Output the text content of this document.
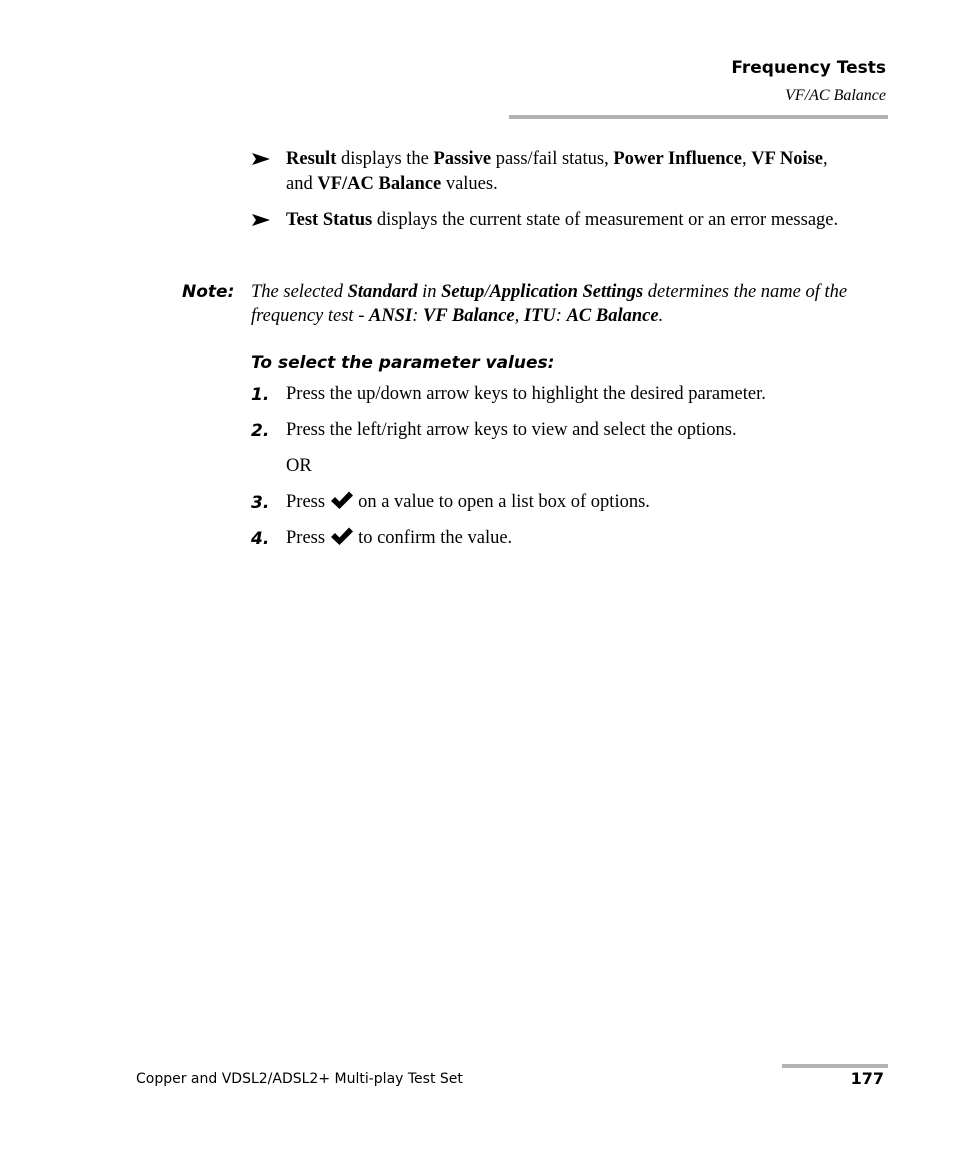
Frequency Tests
VF/AC Balance
Result displays the Passive pass/fail status, Power Influence, VF Noise, and VF/AC Balance values.
Test Status displays the current state of measurement or an error message.
Note: The selected Standard in Setup/Application Settings determines the name of the frequency test - ANSI: VF Balance, ITU: AC Balance.
To select the parameter values:
1. Press the up/down arrow keys to highlight the desired parameter.
2. Press the left/right arrow keys to view and select the options.
OR
3. Press on a value to open a list box of options.
4. Press to confirm the value.
Copper and VDSL2/ADSL2+ Multi-play Test Set	177
